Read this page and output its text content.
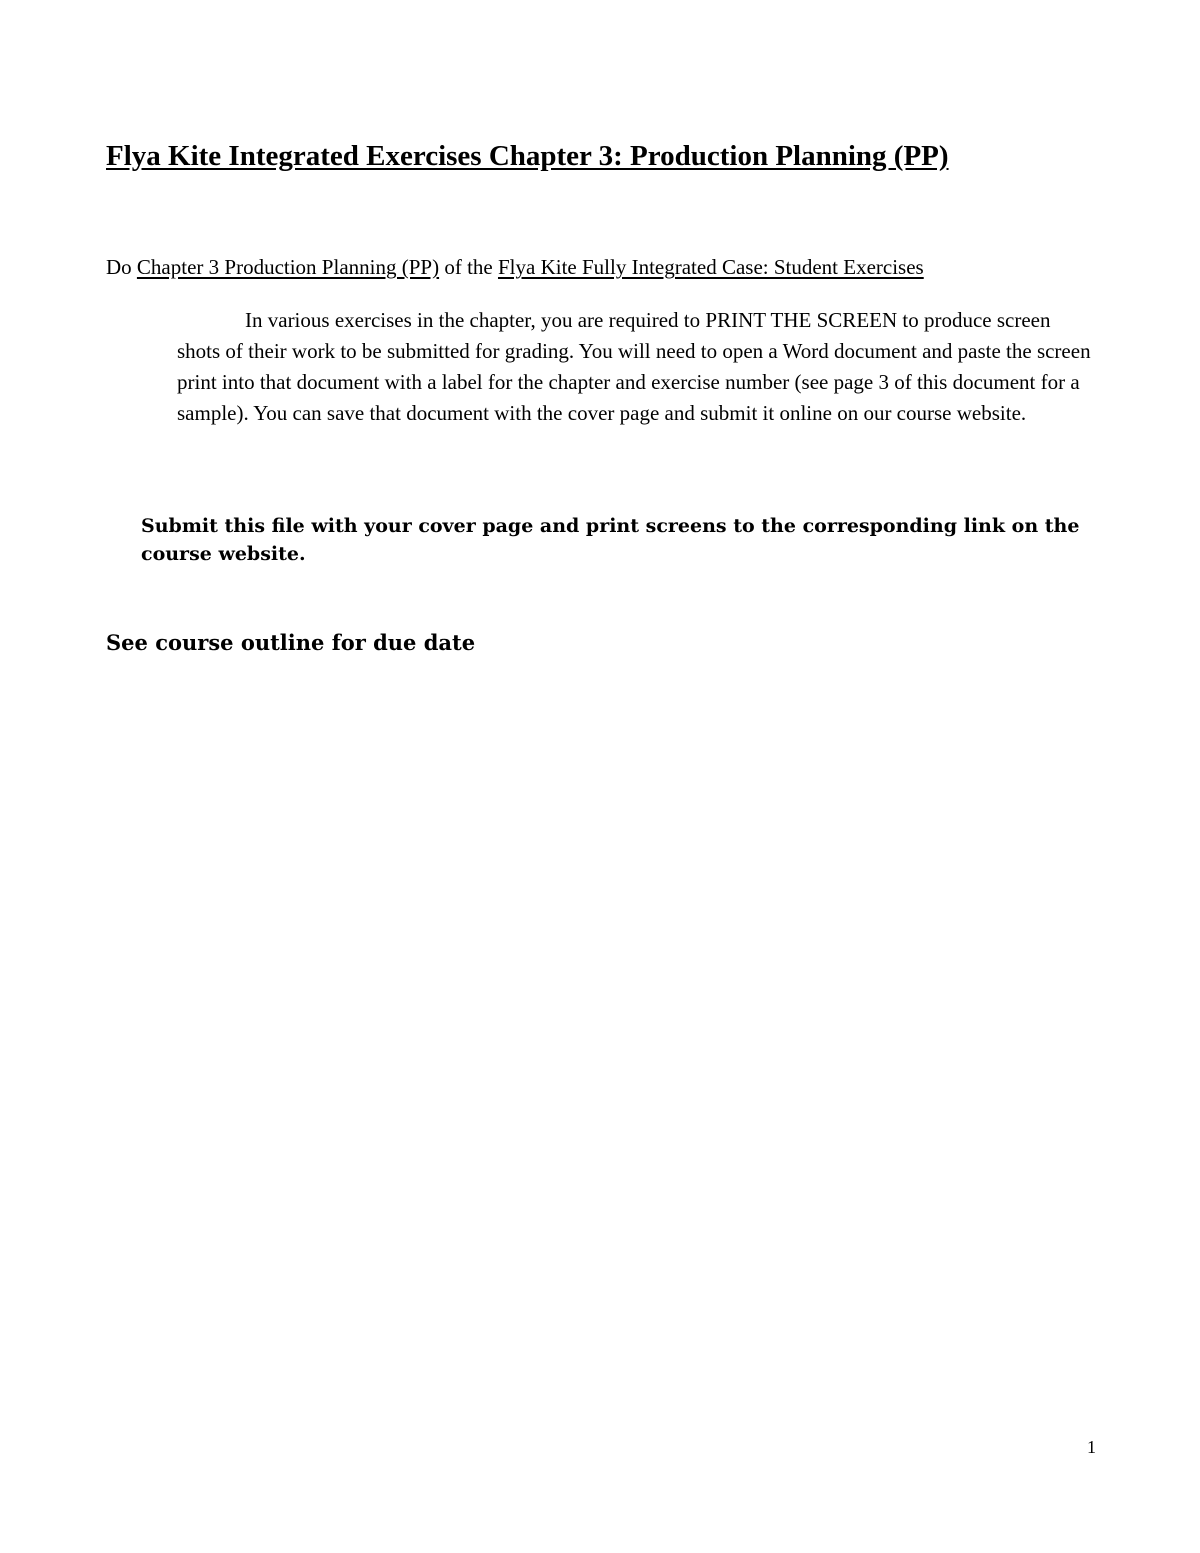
Flya Kite Integrated Exercises Chapter 3: Production Planning (PP)

Do Chapter 3 Production Planning (PP) of the Flya Kite Fully Integrated Case: Student Exercises

In various exercises in the chapter, you are required to PRINT THE SCREEN to produce screen shots of their work to be submitted for grading. You will need to open a Word document and paste the screen print into that document with a label for the chapter and exercise number (see page 3 of this document for a sample). You can save that document with the cover page and submit it online on our course website.

Submit this file with your cover page and print screens to the corresponding link on the course website.

See course outline for due date

1
